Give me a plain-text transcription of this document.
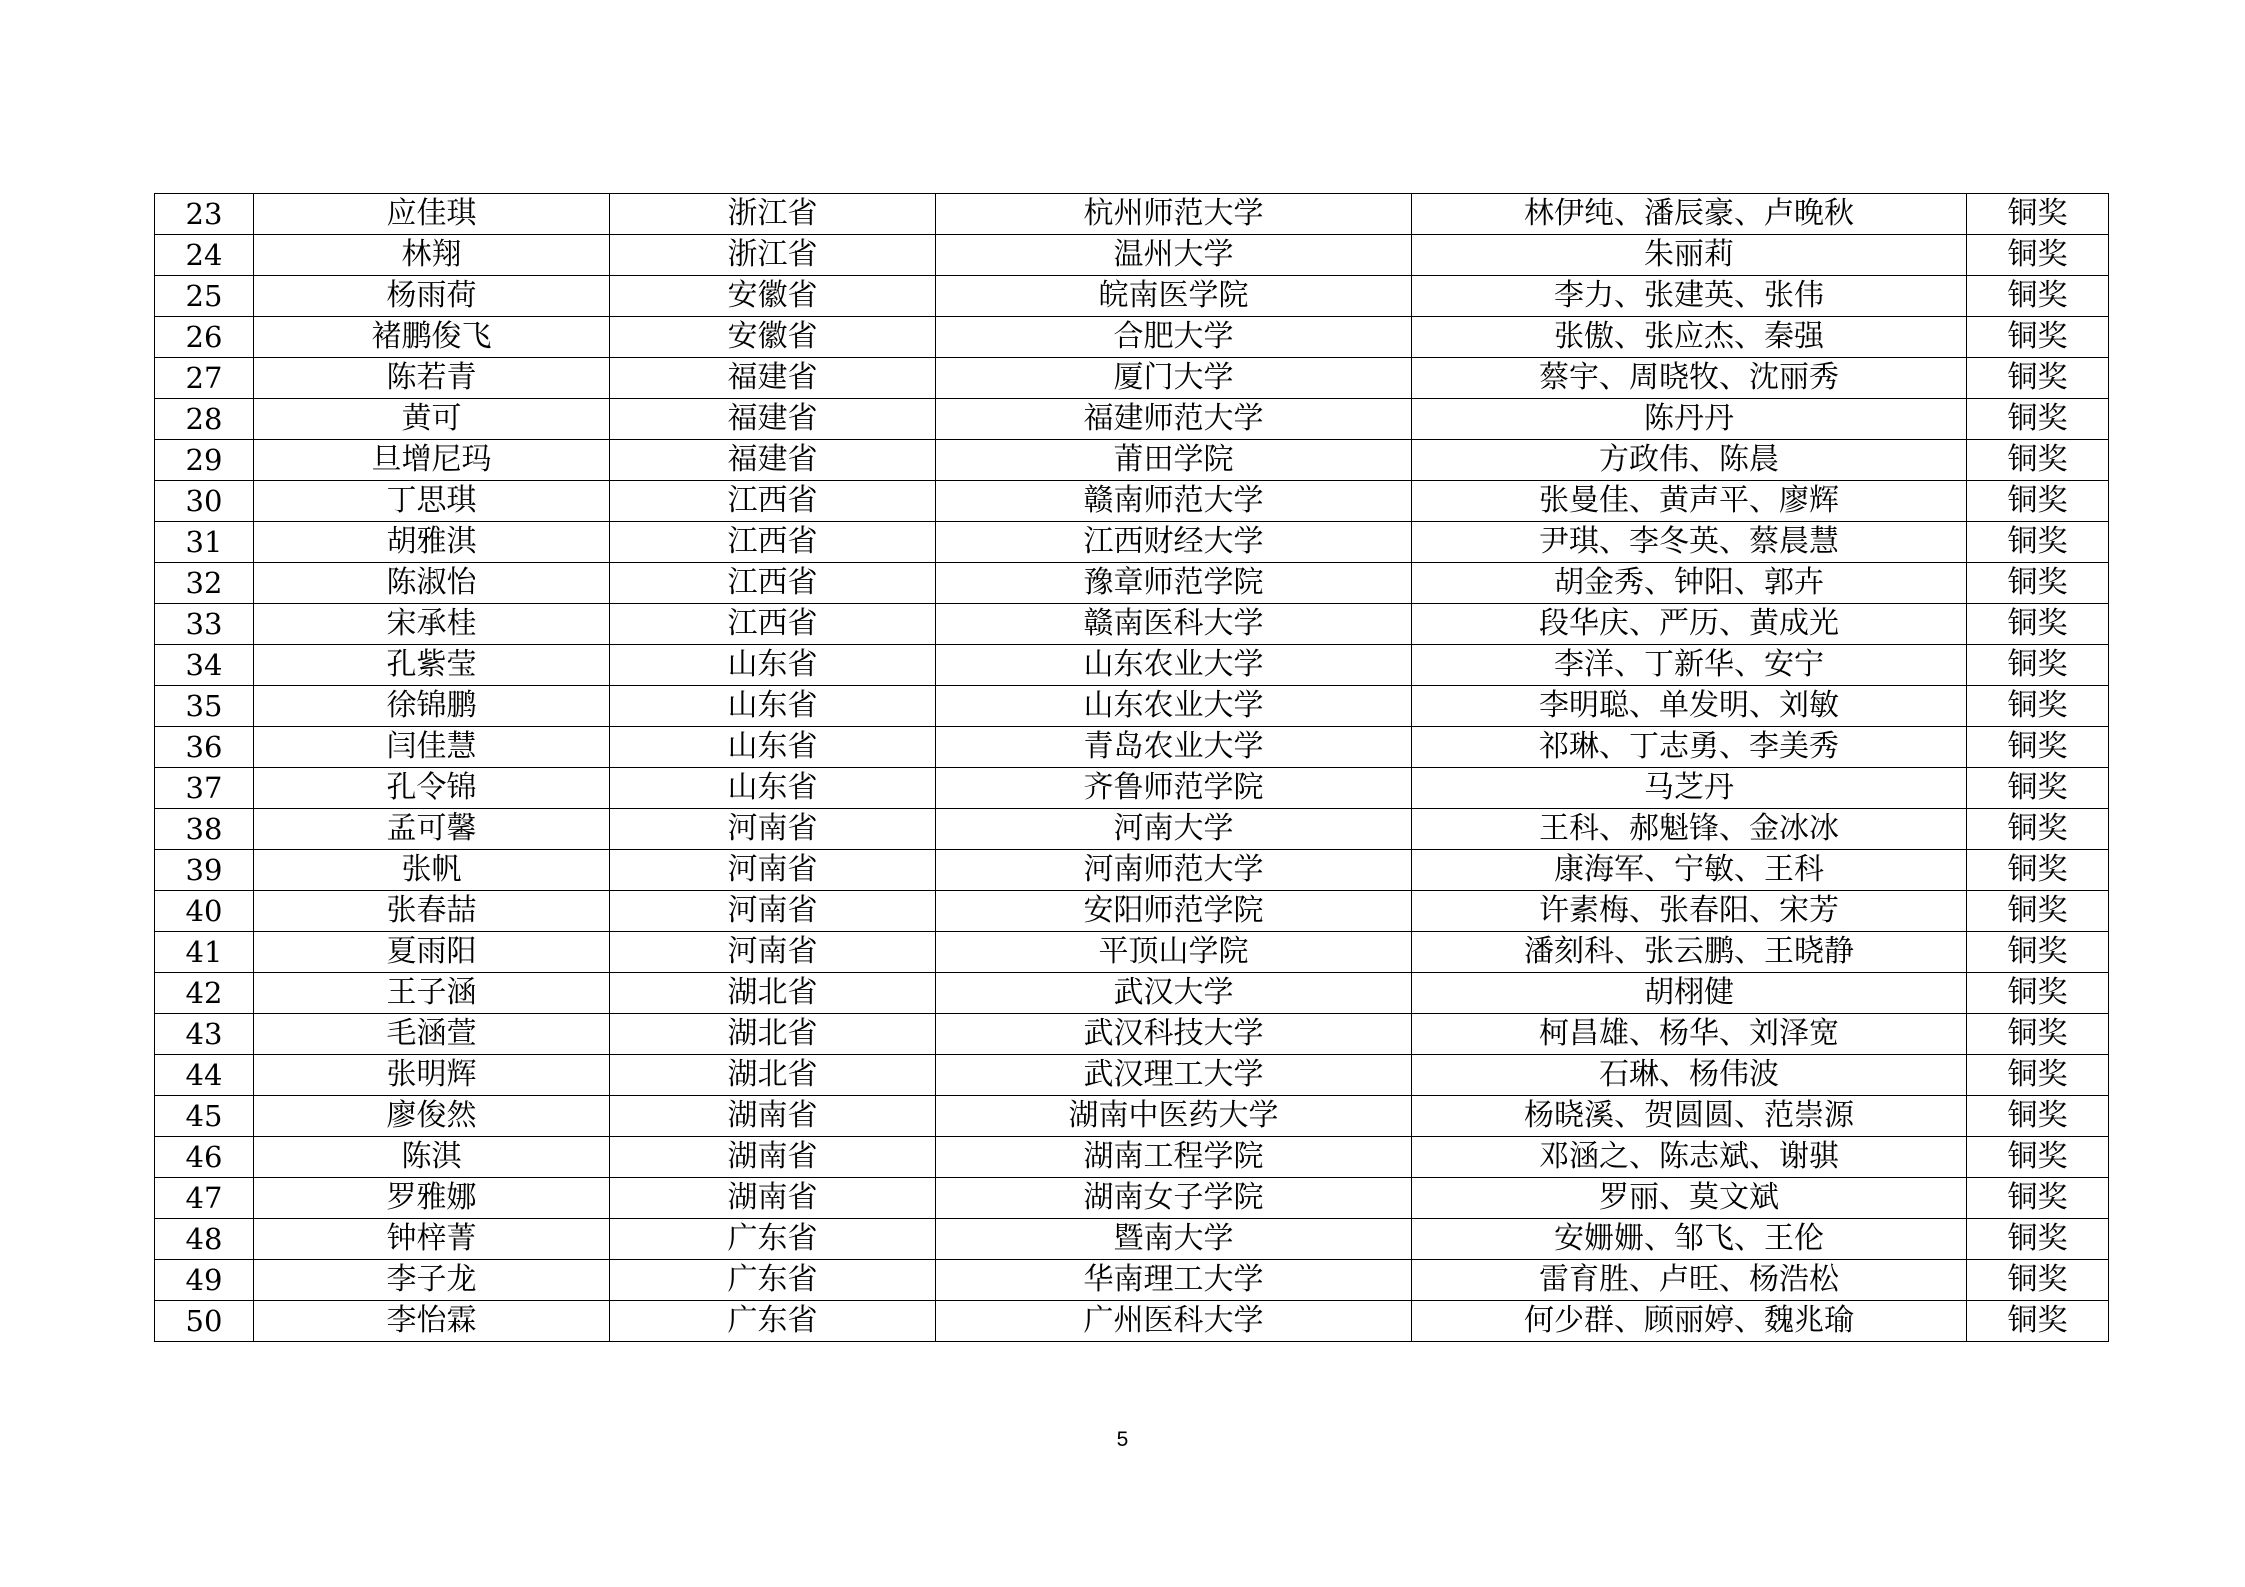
23	应佳琪	浙江省	杭州师范大学	林伊纯、潘辰豪、卢晚秋	铜奖
24	林翔	浙江省	温州大学	朱丽莉	铜奖
25	杨雨荷	安徽省	皖南医学院	李力、张建英、张伟	铜奖
26	褚鹏俊飞	安徽省	合肥大学	张傲、张应杰、秦强	铜奖
27	陈若青	福建省	厦门大学	蔡宇、周晓牧、沈丽秀	铜奖
28	黄可	福建省	福建师范大学	陈丹丹	铜奖
29	旦增尼玛	福建省	莆田学院	方政伟、陈晨	铜奖
30	丁思琪	江西省	赣南师范大学	张曼佳、黄声平、廖辉	铜奖
31	胡雅淇	江西省	江西财经大学	尹琪、李冬英、蔡晨慧	铜奖
32	陈淑怡	江西省	豫章师范学院	胡金秀、钟阳、郭卉	铜奖
33	宋承桂	江西省	赣南医科大学	段华庆、严历、黄成光	铜奖
34	孔紫莹	山东省	山东农业大学	李洋、丁新华、安宁	铜奖
35	徐锦鹏	山东省	山东农业大学	李明聪、单发明、刘敏	铜奖
36	闫佳慧	山东省	青岛农业大学	祁琳、丁志勇、李美秀	铜奖
37	孔令锦	山东省	齐鲁师范学院	马芝丹	铜奖
38	孟可馨	河南省	河南大学	王科、郝魁锋、金冰冰	铜奖
39	张帆	河南省	河南师范大学	康海军、宁敏、王科	铜奖
40	张春喆	河南省	安阳师范学院	许素梅、张春阳、宋芳	铜奖
41	夏雨阳	河南省	平顶山学院	潘刻科、张云鹏、王晓静	铜奖
42	王子涵	湖北省	武汉大学	胡栩健	铜奖
43	毛涵萱	湖北省	武汉科技大学	柯昌雄、杨华、刘泽宽	铜奖
44	张明辉	湖北省	武汉理工大学	石琳、杨伟波	铜奖
45	廖俊然	湖南省	湖南中医药大学	杨晓溪、贺圆圆、范崇源	铜奖
46	陈淇	湖南省	湖南工程学院	邓涵之、陈志斌、谢骐	铜奖
47	罗雅娜	湖南省	湖南女子学院	罗丽、莫文斌	铜奖
48	钟梓菁	广东省	暨南大学	安姗姗、邹飞、王伦	铜奖
49	李子龙	广东省	华南理工大学	雷育胜、卢旺、杨浩松	铜奖
50	李怡霖	广东省	广州医科大学	何少群、顾丽婷、魏兆瑜	铜奖
5
